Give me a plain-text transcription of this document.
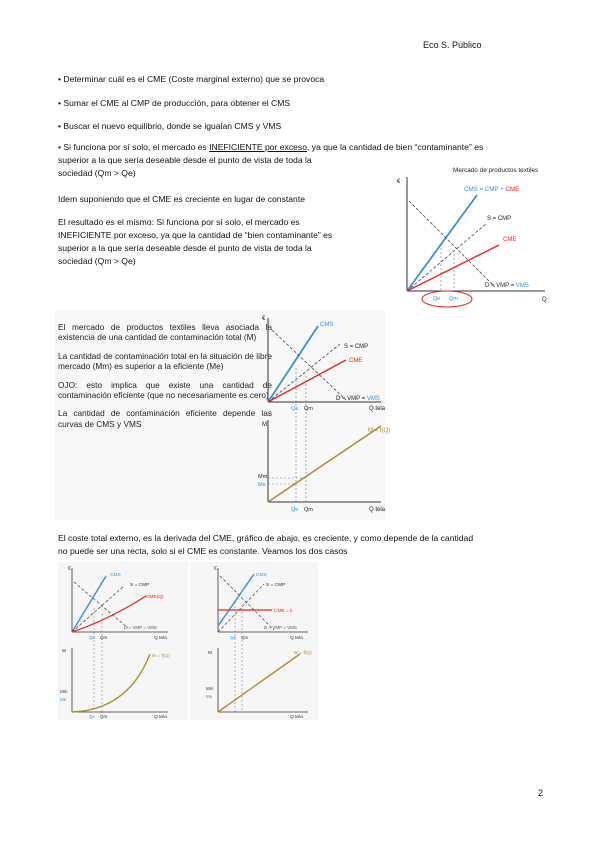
Eco S. Público
• Determinar cuál es el CME (Coste marginal externo) que se provoca
• Sumar el CME al CMP de producción, para obtener el CMS
• Buscar el nuevo equilibrio, donde se igualan CMS y VMS
• Si funciona por sí solo, el mercado es INEFICIENTE por exceso, ya que la cantidad de bien “contaminante” es
superior a la que sería deseable desde el punto de vista de toda la
sociedad (Qm > Qe)
Idem suponiendo que el CME es creciente en lugar de constante
El resultado es el mismo: Si funciona por sí solo, el mercado es
INEFICIENTE por exceso, ya que la cantidad de “bien contaminante” es
superior a la que sería deseable desde el punto de vista de toda la
sociedad (Qm > Qe)
Mercado de productos textiles
€
CMS = CMP + CME
S = CMP
CME
D = VMP = VMS
Q
Qe Qm

El mercado de productos textiles lleva asociada la existencia de una cantidad de contaminación total (M)

La cantidad de contaminación total en la situación de libre mercado (Mm) es superior a la eficiente (Me)

OJO: esto implica que existe una cantidad de contaminación eficiente (que no necesariamente es cero)

La cantidad de contaminación eficiente depende las curvas de CMS y VMS

€
CMS
S = CMP
CME
D = VMP = VMS
Qe Qm	Q tela
M
M = f(Q)
Mm
Me
Qe Qm	Q tela
El coste total externo, es la derivada del CME, gráfico de abajo, es creciente, y como depende de la cantidad
no puede ser una recta, solo si el CME es constante. Veamos los dos casos
€
CMS
S = CMP
CME(Q)
D = VMP = VMS
Qe Qm	Q tela
M
M = f(Q)
Mm
Me
Qe Qm	Q tela
€
CMS
S = CMP
CME = k
D = VMP = VMS
Qe Qm	Q tela
M	M = f(Q)
Mm
Me
Q tela
2
